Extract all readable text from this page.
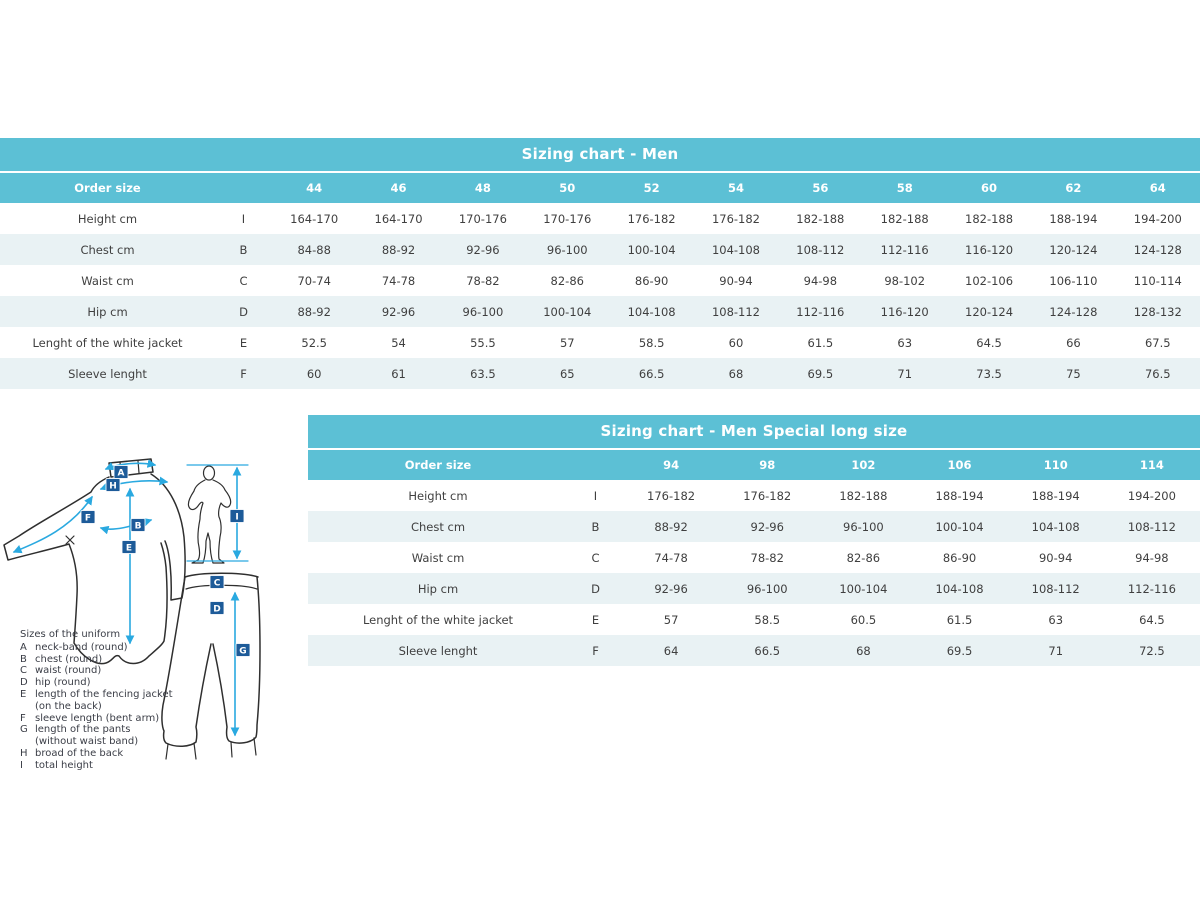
Sizing chart - Men
Order size		44	46	48	50	52	54	56	58	60	62	64
Height cm	I	164-170	164-170	170-176	170-176	176-182	176-182	182-188	182-188	182-188	188-194	194-200
Chest cm	B	84-88	88-92	92-96	96-100	100-104	104-108	108-112	112-116	116-120	120-124	124-128
Waist cm	C	70-74	74-78	78-82	82-86	86-90	90-94	94-98	98-102	102-106	106-110	110-114
Hip cm	D	88-92	92-96	96-100	100-104	104-108	108-112	112-116	116-120	120-124	124-128	128-132
Lenght of the white jacket	E	52.5	54	55.5	57	58.5	60	61.5	63	64.5	66	67.5
Sleeve lenght	F	60	61	63.5	65	66.5	68	69.5	71	73.5	75	76.5
Sizing chart - Men Special long size
Order size		94	98	102	106	110	114
Height cm	I	176-182	176-182	182-188	188-194	188-194	194-200
Chest cm	B	88-92	92-96	96-100	100-104	104-108	108-112
Waist cm	C	74-78	78-82	82-86	86-90	90-94	94-98
Hip cm	D	92-96	96-100	100-104	104-108	108-112	112-116
Lenght of the white jacket	E	57	58.5	60.5	61.5	63	64.5
Sleeve lenght	F	64	66.5	68	69.5	71	72.5
A
H
F
B
E
I
C
D
G
Sizes of the uniform
A neck-band (round)
B chest (round)
C waist (round)
D hip (round)
E length of the fencing jacket
(on the back)
F sleeve length (bent arm)
G length of the pants
(without waist band)
H broad of the back
I	total height
